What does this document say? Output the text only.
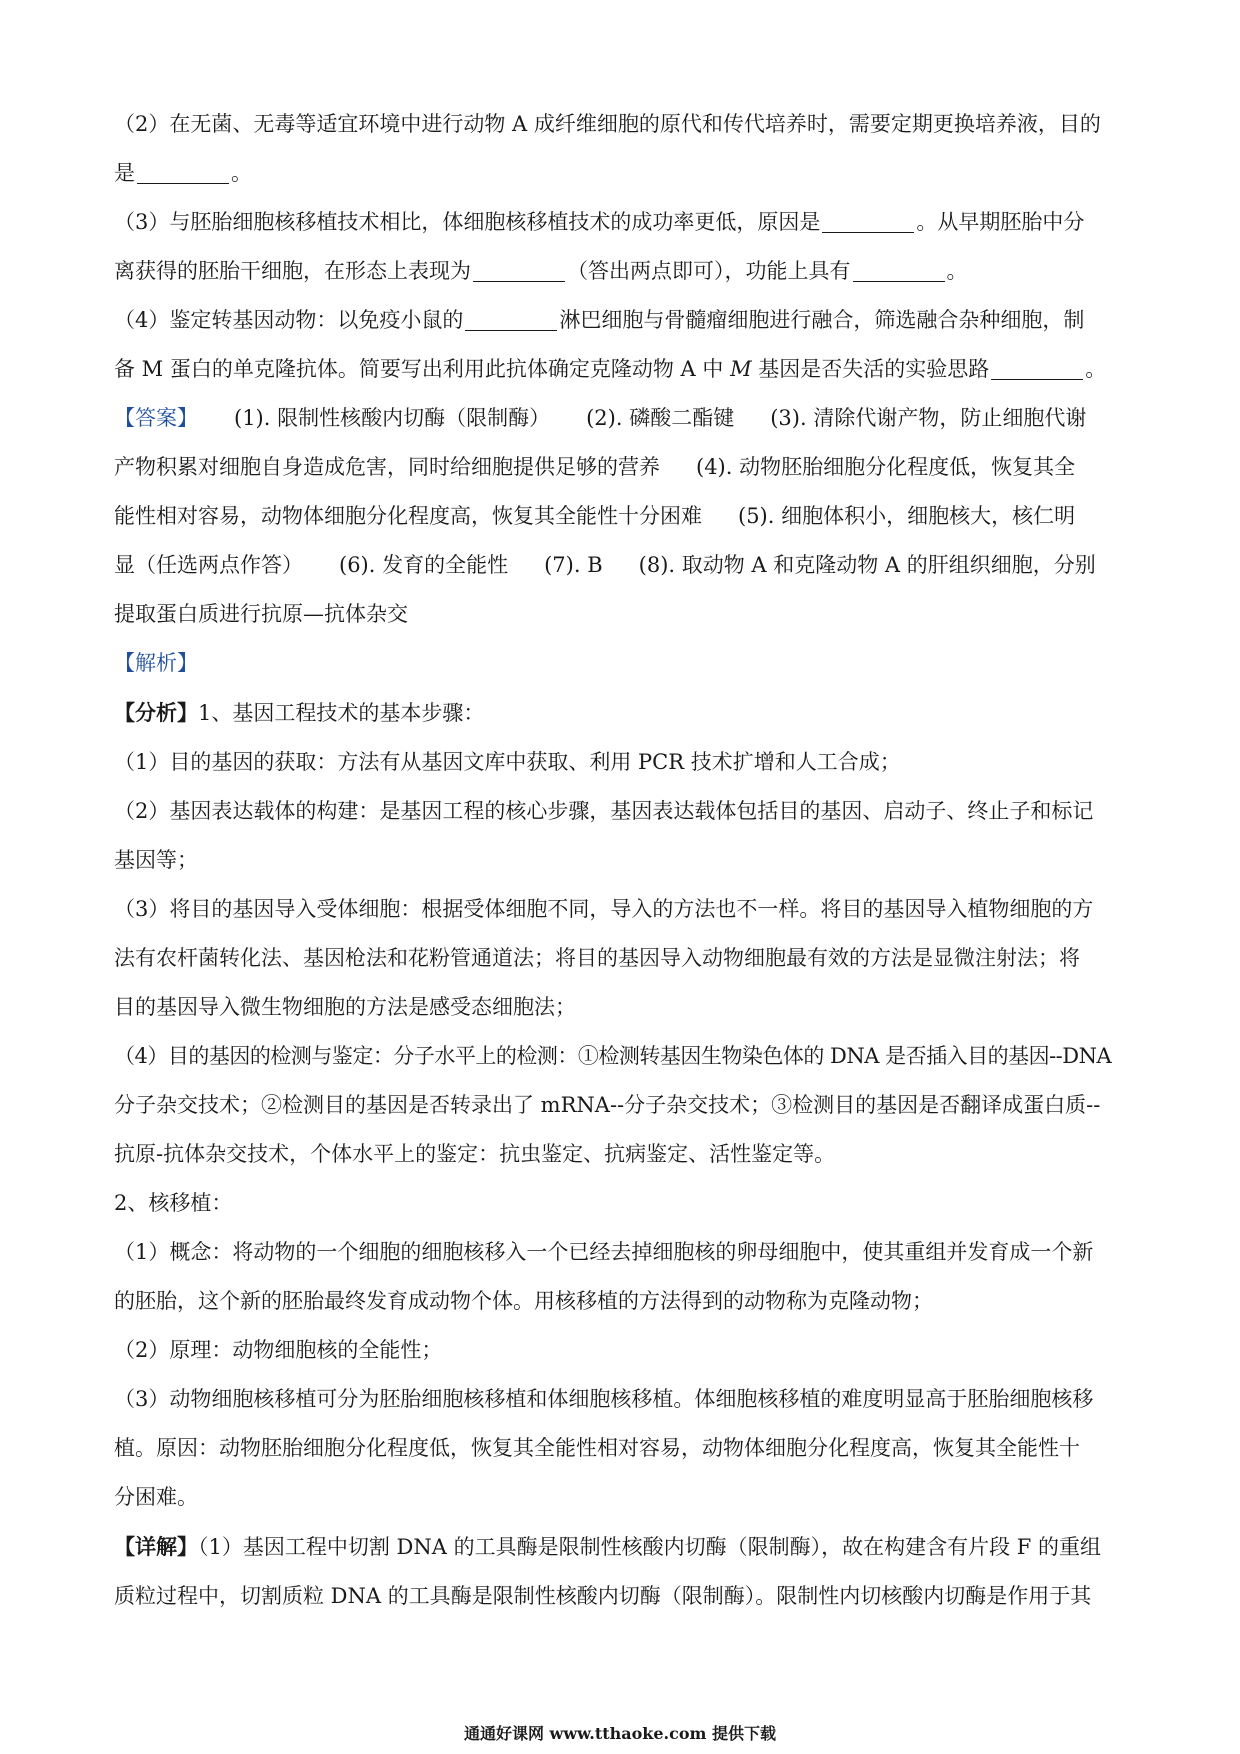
（2）在无菌、无毒等适宜环境中进行动物 A 成纤维细胞的原代和传代培养时，需要定期更换培养液，目的

是	。

（3）与胚胎细胞核移植技术相比，体细胞核移植技术的成功率更低，原因是	。从早期胚胎中分

离获得的胚胎干细胞，在形态上表现为	（答出两点即可），功能上具有	。

（4）鉴定转基因动物：以免疫小鼠的	淋巴细胞与骨髓瘤细胞进行融合，筛选融合杂种细胞，制

备 M 蛋白的单克隆抗体。简要写出利用此抗体确定克隆动物 A 中 M 基因是否失活的实验思路	。

【答案】 (1). 限制性核酸内切酶（限制酶） (2). 磷酸二酯键 (3). 清除代谢产物，防止细胞代谢

产物积累对细胞自身造成危害，同时给细胞提供足够的营养 (4). 动物胚胎细胞分化程度低，恢复其全

能性相对容易，动物体细胞分化程度高，恢复其全能性十分困难 (5). 细胞体积小，细胞核大，核仁明

显（任选两点作答） (6). 发育的全能性 (7). B (8). 取动物 A 和克隆动物 A 的肝组织细胞，分别

提取蛋白质进行抗原—抗体杂交

【解析】

【分析】1、基因工程技术的基本步骤：

（1）目的基因的获取：方法有从基因文库中获取、利用 PCR 技术扩增和人工合成；

（2）基因表达载体的构建：是基因工程的核心步骤，基因表达载体包括目的基因、启动子、终止子和标记

基因等；

（3）将目的基因导入受体细胞：根据受体细胞不同，导入的方法也不一样。将目的基因导入植物细胞的方

法有农杆菌转化法、基因枪法和花粉管通道法；将目的基因导入动物细胞最有效的方法是显微注射法；将

目的基因导入微生物细胞的方法是感受态细胞法；

（4）目的基因的检测与鉴定：分子水平上的检测：①检测转基因生物染色体的 DNA 是否插入目的基因--DNA

分子杂交技术；②检测目的基因是否转录出了 mRNA--分子杂交技术；③检测目的基因是否翻译成蛋白质--

抗原-抗体杂交技术，个体水平上的鉴定：抗虫鉴定、抗病鉴定、活性鉴定等。

2、核移植：

（1）概念：将动物的一个细胞的细胞核移入一个已经去掉细胞核的卵母细胞中，使其重组并发育成一个新

的胚胎，这个新的胚胎最终发育成动物个体。用核移植的方法得到的动物称为克隆动物；

（2）原理：动物细胞核的全能性；

（3）动物细胞核移植可分为胚胎细胞核移植和体细胞核移植。体细胞核移植的难度明显高于胚胎细胞核移

植。原因：动物胚胎细胞分化程度低，恢复其全能性相对容易，动物体细胞分化程度高，恢复其全能性十

分困难。

【详解】（1）基因工程中切割 DNA 的工具酶是限制性核酸内切酶（限制酶），故在构建含有片段 F 的重组

质粒过程中，切割质粒 DNA 的工具酶是限制性核酸内切酶（限制酶）。限制性内切核酸内切酶是作用于其

通通好课网 www.tthaoke.com 提供下载
